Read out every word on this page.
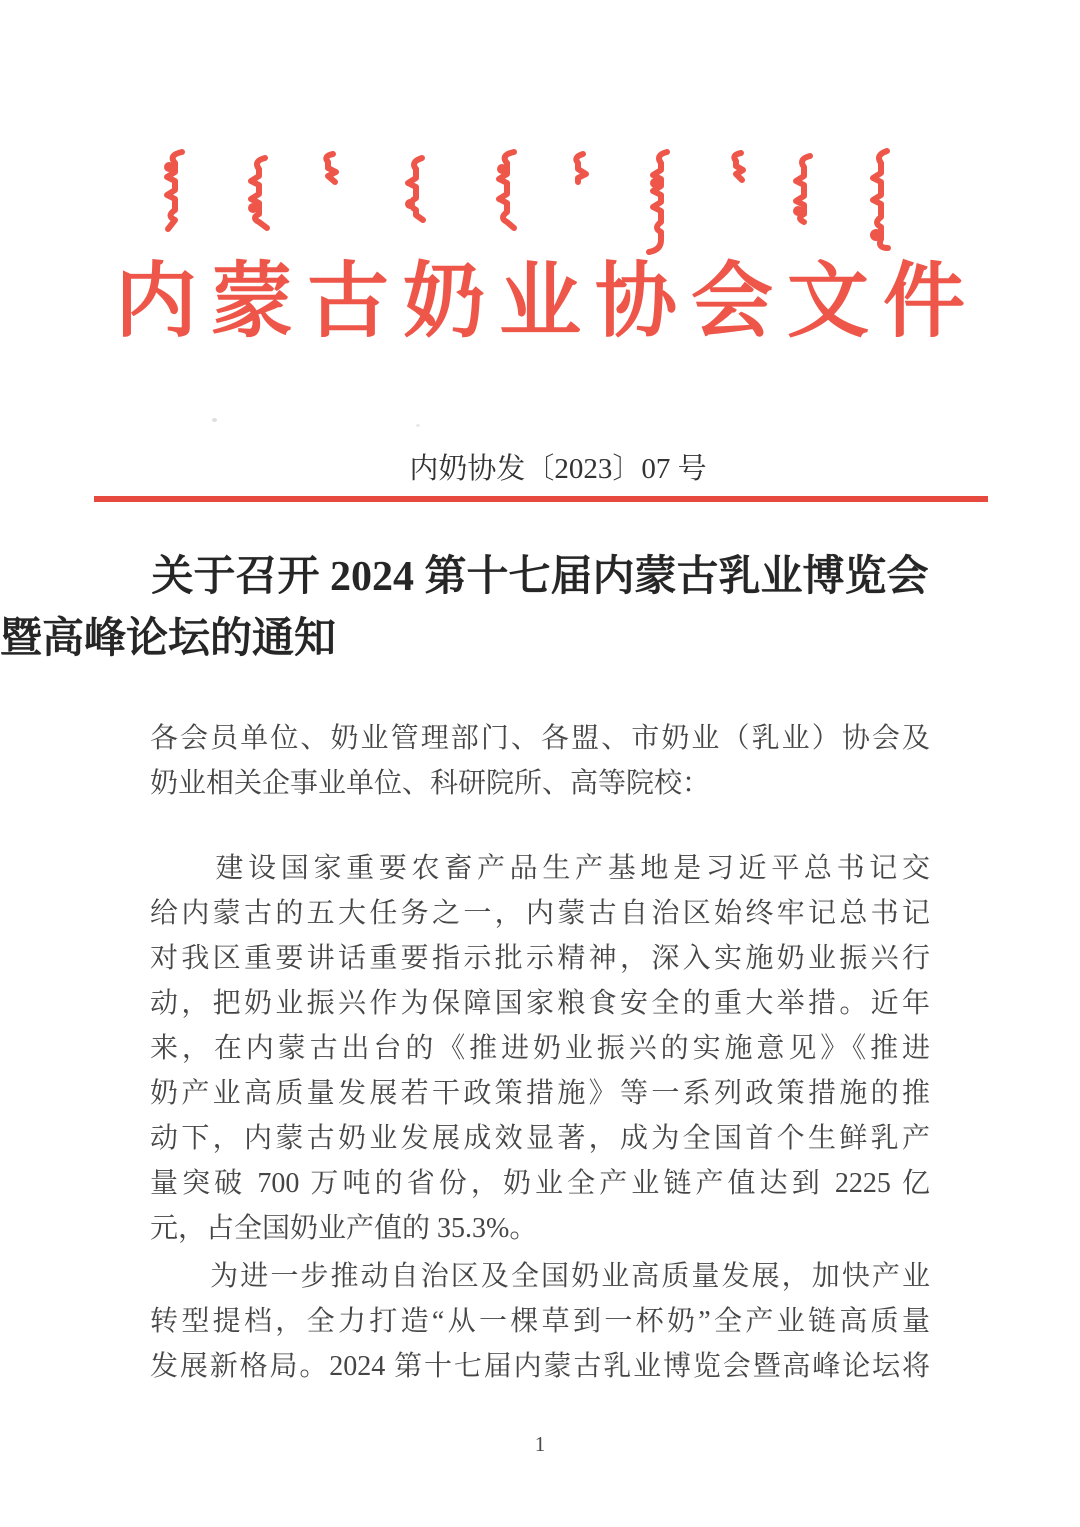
内蒙古奶业协会文件
内奶协发〔2023〕07 号
关于召开 2024 第十七届内蒙古乳业博览会
暨高峰论坛的通知
各会员单位、奶业管理部门、各盟、市奶业（乳业）协会及
奶业相关企事业单位、科研院所、高等院校：
　　建设国家重要农畜产品生产基地是习近平总书记交
给内蒙古的五大任务之一，内蒙古自治区始终牢记总书记
对我区重要讲话重要指示批示精神，深入实施奶业振兴行
动，把奶业振兴作为保障国家粮食安全的重大举措。近年
来，在内蒙古出台的《推进奶业振兴的实施意见》《推进
奶产业高质量发展若干政策措施》等一系列政策措施的推
动下，内蒙古奶业发展成效显著，成为全国首个生鲜乳产
量突破 700 万吨的省份，奶业全产业链产值达到 2225 亿
元，占全国奶业产值的 35.3%。
　　为进一步推动自治区及全国奶业高质量发展，加快产业
转型提档，全力打造“从一棵草到一杯奶”全产业链高质量
发展新格局。2024 第十七届内蒙古乳业博览会暨高峰论坛将
1
